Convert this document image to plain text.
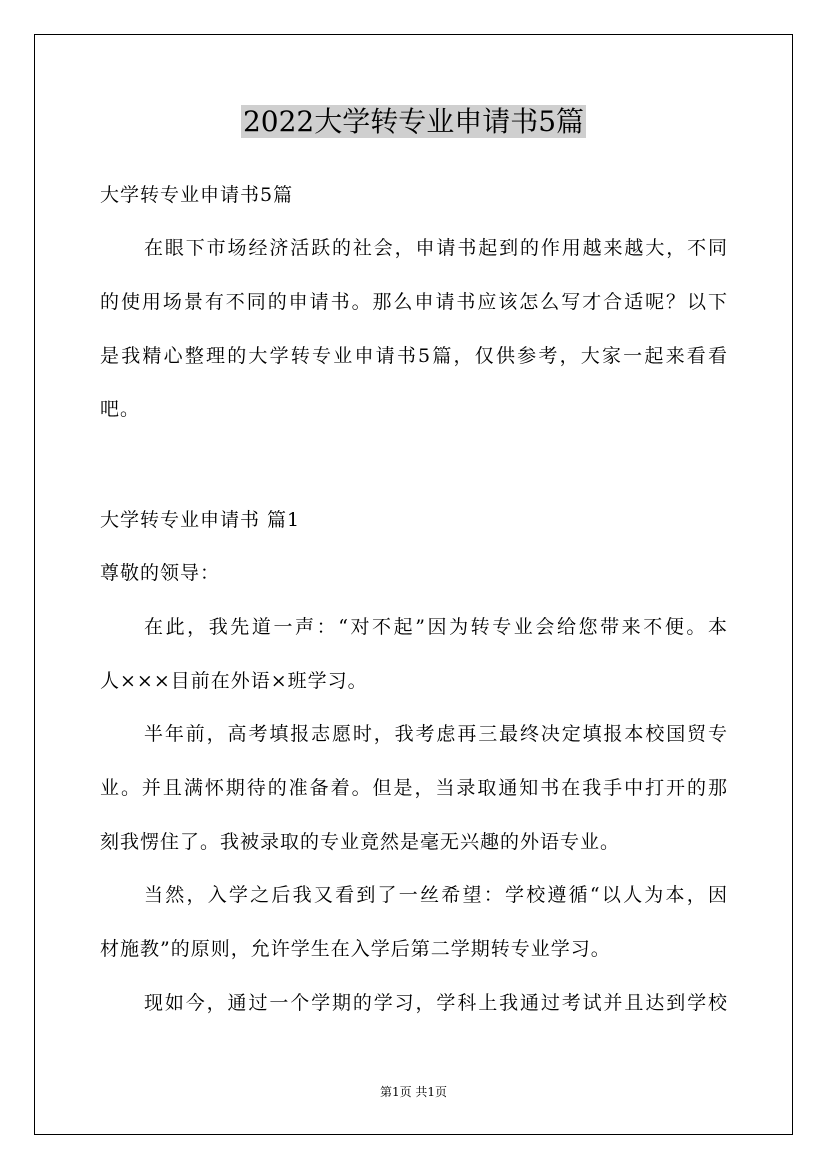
2022大学转专业申请书5篇
大学转专业申请书5篇
在眼下市场经济活跃的社会，申请书起到的作用越来越大，不同
的使用场景有不同的申请书。那么申请书应该怎么写才合适呢？以下
是我精心整理的大学转专业申请书5篇，仅供参考，大家一起来看看
吧。
大学转专业申请书 篇1
尊敬的领导：
在此，我先道一声：“对不起”因为转专业会给您带来不便。本
人×××目前在外语×班学习。
半年前，高考填报志愿时，我考虑再三最终决定填报本校国贸专
业。并且满怀期待的准备着。但是，当录取通知书在我手中打开的那
刻我愣住了。我被录取的专业竟然是毫无兴趣的外语专业。
当然，入学之后我又看到了一丝希望：学校遵循“以人为本，因
材施教”的原则，允许学生在入学后第二学期转专业学习。
现如今，通过一个学期的学习，学科上我通过考试并且达到学校
第1页 共1页
